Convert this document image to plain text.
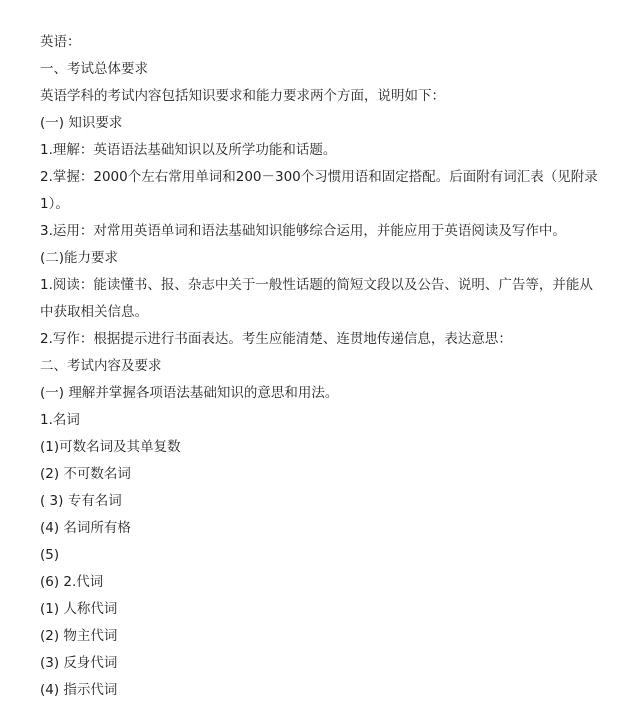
英语：
一、考试总体要求
英语学科的考试内容包括知识要求和能力要求两个方面，说明如下：
(一) 知识要求
1.理解：英语语法基础知识以及所学功能和话题。
2.掌握：2000个左右常用单词和200－300个习惯用语和固定搭配。后面附有词汇表（见附录1）。
3.运用：对常用英语单词和语法基础知识能够综合运用，并能应用于英语阅读及写作中。
(二)能力要求
1.阅读：能读懂书、报、杂志中关于一般性话题的简短文段以及公告、说明、广告等，并能从中获取相关信息。
2.写作：根据提示进行书面表达。考生应能清楚、连贯地传递信息，表达意思：
二、考试内容及要求
(一) 理解并掌握各项语法基础知识的意思和用法。
1.名词
(1)可数名词及其单复数
(2) 不可数名词
( 3) 专有名词
(4) 名词所有格
(5)
(6) 2.代词
(1) 人称代词
(2) 物主代词
(3) 反身代词
(4) 指示代词
